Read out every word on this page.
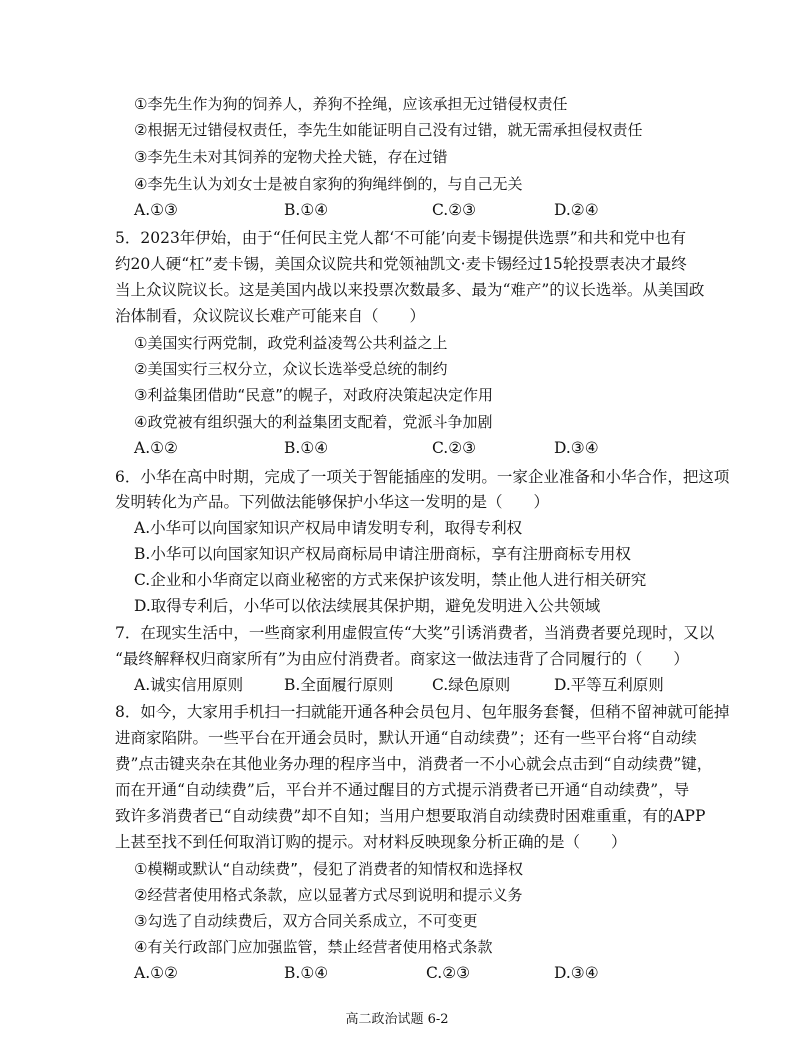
①李先生作为狗的饲养人，养狗不拴绳，应该承担无过错侵权责任
②根据无过错侵权责任，李先生如能证明自己没有过错，就无需承担侵权责任
③李先生未对其饲养的宠物犬拴犬链，存在过错
④李先生认为刘女士是被自家狗的狗绳绊倒的，与自己无关
A.①③	B.①④	C.②③	D.②④
5．2023年伊始，由于“任何民主党人都‘不可能’向麦卡锡提供选票”和共和党中也有
约20人硬“杠”麦卡锡，美国众议院共和党领袖凯文·麦卡锡经过15轮投票表决才最终
当上众议院议长。这是美国内战以来投票次数最多、最为“难产”的议长选举。从美国政
治体制看，众议院议长难产可能来自（　　）
①美国实行两党制，政党利益凌驾公共利益之上
②美国实行三权分立，众议长选举受总统的制约
③利益集团借助“民意”的幌子，对政府决策起决定作用
④政党被有组织强大的利益集团支配着，党派斗争加剧
A.①②	B.①④	C.②③	D.③④
6．小华在高中时期，完成了一项关于智能插座的发明。一家企业准备和小华合作，把这项
发明转化为产品。下列做法能够保护小华这一发明的是（　　）
A.小华可以向国家知识产权局申请发明专利，取得专利权
B.小华可以向国家知识产权局商标局申请注册商标，享有注册商标专用权
C.企业和小华商定以商业秘密的方式来保护该发明，禁止他人进行相关研究
D.取得专利后，小华可以依法续展其保护期，避免发明进入公共领域
7．在现实生活中，一些商家利用虚假宣传“大奖”引诱消费者，当消费者要兑现时，又以
“最终解释权归商家所有”为由应付消费者。商家这一做法违背了合同履行的（　　）
A.诚实信用原则	B.全面履行原则 C.绿色原则	D.平等互利原则
8．如今，大家用手机扫一扫就能开通各种会员包月、包年服务套餐，但稍不留神就可能掉
进商家陷阱。一些平台在开通会员时，默认开通“自动续费”；还有一些平台将“自动续
费”点击键夹杂在其他业务办理的程序当中，消费者一不小心就会点击到“自动续费”键，
而在开通“自动续费”后，平台并不通过醒目的方式提示消费者已开通“自动续费”，导
致许多消费者已“自动续费”却不自知；当用户想要取消自动续费时困难重重，有的APP
上甚至找不到任何取消订购的提示。对材料反映现象分析正确的是（　　）
①模糊或默认“自动续费”，侵犯了消费者的知情权和选择权
②经营者使用格式条款，应以显著方式尽到说明和提示义务
③勾选了自动续费后，双方合同关系成立，不可变更
④有关行政部门应加强监管，禁止经营者使用格式条款
A.①②	B.①④	C.②③	D.③④
高二政治试题 6-2
